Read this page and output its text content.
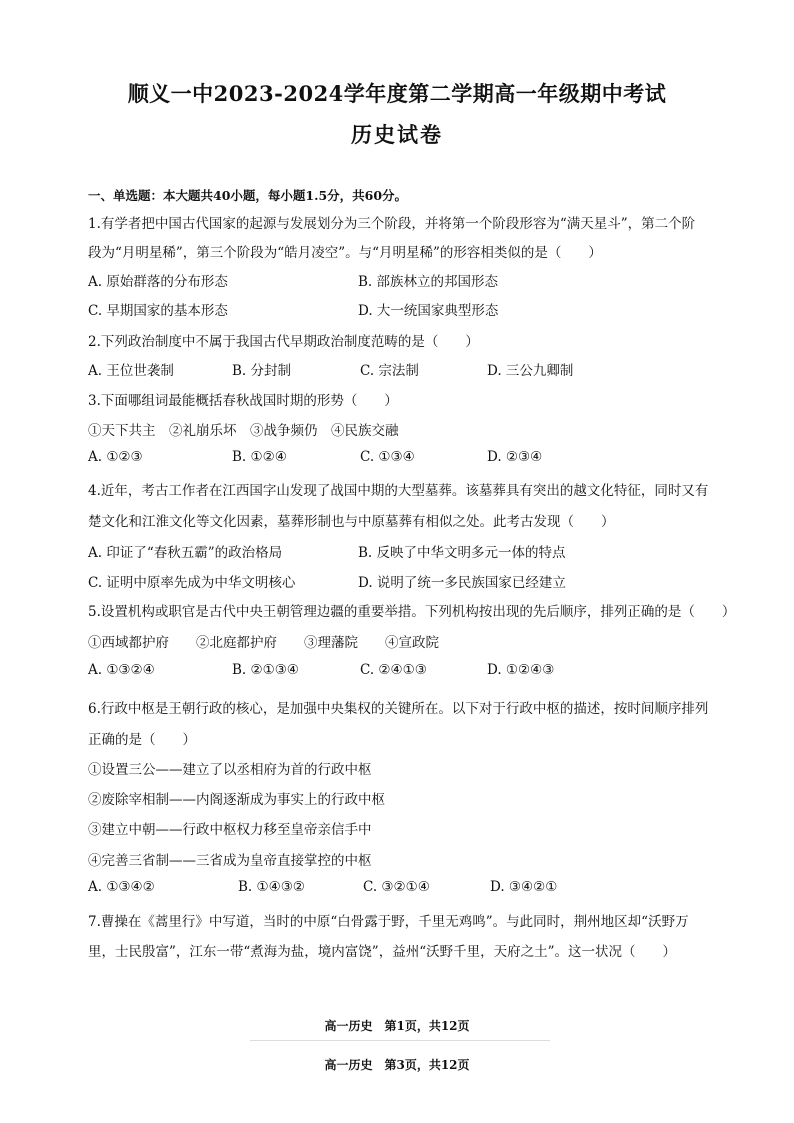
顺义一中2023-2024学年度第二学期高一年级期中考试
历史试卷
一、单选题：本大题共40小题，每小题1.5分，共60分。
1.有学者把中国古代国家的起源与发展划分为三个阶段，并将第一个阶段形容为“满天星斗”，第二个阶
段为“月明星稀”，第三个阶段为“皓月凌空”。与“月明星稀”的形容相类似的是（　　）
A. 原始群落的分布形态	B. 部族林立的邦国形态
C. 早期国家的基本形态	D. 大一统国家典型形态
2.下列政治制度中不属于我国古代早期政治制度范畴的是（　　）
A. 王位世袭制	B. 分封制	C. 宗法制	D. 三公九卿制
3.下面哪组词最能概括春秋战国时期的形势（　　）
①天下共主　②礼崩乐坏　③战争频仍　④民族交融
A. ①②③	B. ①②④	C. ①③④	D. ②③④
4.近年，考古工作者在江西国字山发现了战国中期的大型墓葬。该墓葬具有突出的越文化特征，同时又有
楚文化和江淮文化等文化因素，墓葬形制也与中原墓葬有相似之处。此考古发现（　　）
A. 印证了“春秋五霸”的政治格局	B. 反映了中华文明多元一体的特点
C. 证明中原率先成为中华文明核心	D. 说明了统一多民族国家已经建立
5.设置机构或职官是古代中央王朝管理边疆的重要举措。下列机构按出现的先后顺序，排列正确的是（　　）
①西域都护府　　②北庭都护府　　③理藩院　　④宣政院
A. ①③②④	B. ②①③④	C. ②④①③	D. ①②④③
6.行政中枢是王朝行政的核心，是加强中央集权的关键所在。以下对于行政中枢的描述，按时间顺序排列
正确的是（　　）
①设置三公——建立了以丞相府为首的行政中枢
②废除宰相制——内阁逐渐成为事实上的行政中枢
③建立中朝——行政中枢权力移至皇帝亲信手中
④完善三省制——三省成为皇帝直接掌控的中枢
A. ①③④②	B. ①④③②	C. ③②①④	D. ③④②①
7.曹操在《蒿里行》中写道，当时的中原“白骨露于野，千里无鸡鸣”。与此同时，荆州地区却“沃野万
里，士民殷富”，江东一带“煮海为盐，境内富饶”，益州“沃野千里，天府之土”。这一状况（　　）
高一历史　第1页，共12页
高一历史　第3页，共12页
